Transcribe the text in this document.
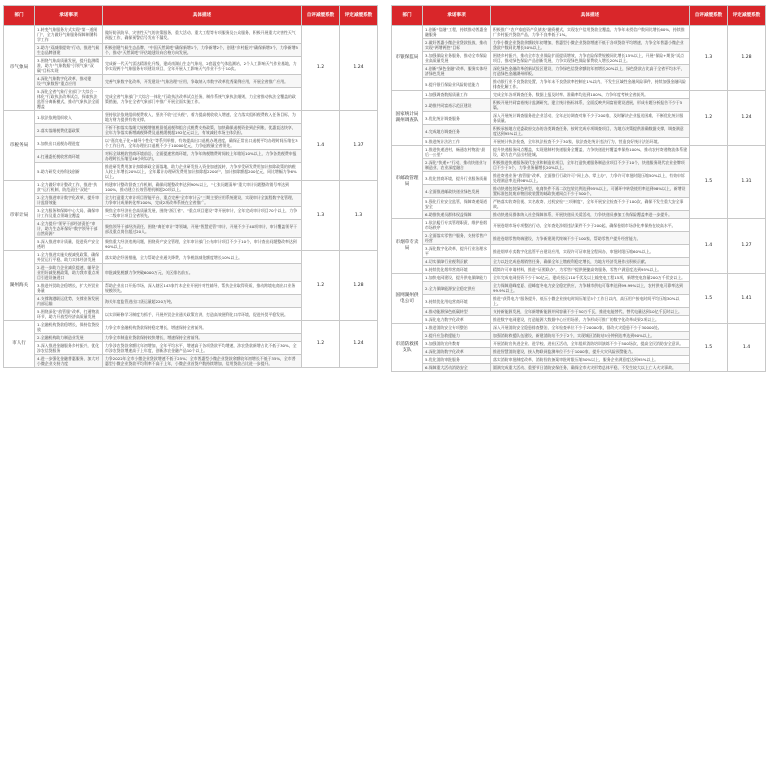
部门	承诺事项	具体描述	自评减缓系数	评定减缓系数
市气象局	1.转变气象服务方式实现“第一道闸门”，全力做好气象服务保障制暑科学工作	做好防汛防旱、灾害性天气的决策服务，重大活动、重大工程等专项服务及公众服务，积极开展重大灾害性天气预报工作，确保预警信号发布不漏发。	1.2	1.24
	2.助力“双减排提效”行动，推进气候生态品牌创建	积极创建气候生态品牌，“中国天然氧吧”确保新增1个，力争新增2个，创建“乡村振兴”确保新增3个，力争新增5个，推动“天然氧吧”评估地建设向合格方向发展。		
	3.围绕气象高质量发展，提升监测精准，助力“气象数据”引领气象”双碳”目标实现	完成新一代天气雷达精准化升级，建成南湖山生态气象站，2套温室气体监测站，2个人工影响天气作业基地，力争实现两个气象服务专项建设项目，全年开展人工影响天气作业不少于10次。		
	4.深化气象数字化改革，推动建设“气象数智”重点应用	完善气象数字化改革，开发建设“气象治理”应用，争取纳入市数字改革优秀案例应用，开展全省推广应用。		
	5.深化全省气象行业部门“大综合一体化”行政执法改革试点，探索执法监管分离新模式，推动气象执法全面覆盖	完成全省气象部门“大综合一体化”行政执法改革试点任务，制作系统气象执法细则，力全省推动执法全覆盖的政策措施，力争在全省气象部门中推广开展全面实施工作。		
市税务局	1.依法依规组织收入	坚持依法依规组织税费收入，坚决不收“过头税”，着力提高税收收入增速，全力落实组织税费收入任务目标，为地方财力提供有效支撑。	1.4	1.37
	2.落实落细税费优惠政策	不折不扣落实落细大规模增值税留抵退税和组合式税费支持政策，加快确保退税资金到企到账，优惠直达快享，全年力争落实新增减税降费及退税缓税超192亿元以上，有效减轻市场主体负担。		
	3.加快出口退税办理进度	以“嘉宾电子化+辅导个性化”等系列举措，有效提高出口退税办理进度，确保正常出口退税平均办理时间压缩在3个工作日内，全年办理出口退税不少于10000亿元，力争退税量全省领先。		
	4.打通委托税收营商环境	对标全球税收营商环境前沿，全面提速营商环境，力争年纳税缴费时间较上年缩短10%以上，力争各类税费申报办理时长压缩至48小时以内。		
	5.助力研发支持科技创新	推进研发费用加计扣除新政全面落地，助力企业研发投入资金加速流转，力争享受研发费用加计扣除政策的纳税人较上年增长20%以上，全年累计办理研发费用加计扣除超2200户，加计扣除额超200亿元，同比增幅力争6%以上。		
市审计局	1.全力做好审计整改工作，推进“扶贫”运行机制，防范责任“双轮”	构建审计整改督查工作机制，确保问题整改率达到90%以上，“七张问题清单”重大审计问题整改销号率达到100%，推动建立长效管理机制超20项以上。	1.3	1.3
	2.全力推进审计数字化改革，提升审计监督效能	全力打造重大审计项目智能平台，重点完善“全市审计云”三期主要应用系统建设，实现审计全流程数字化管理，力争审计成果转化率100%，完成2项改革系统在全省推广。		
	3.全力服务和保障中心大局，确保审计工作及重点领域全覆盖	聚焦全市经济社会高质量发展，围绕“浙江省”、“重点项目建设”等开展审计，全年完成审计项目70个以上，力争一二级审计项目全省领先。		
	4.全力提升“领导干部经济责任”审计，助力生态环保好“数字领导干部自然资源”	聚焦领导干部经济责任，围绕“离任审计”等领域，开展“智慧党管”审计，开展不少于40项审计，审计覆盖领导干部及重点岗位超过20人。		
	5.深入推进审计质量，促进资产安全透明	聚焦重大经济违规问题，围绕资产安全管理，全年审计部门公布审计项目不少于10个，审计查出问题整改率达到90%以上。		
湖州海关	1.全力推进实施关税减免政策，确保外贸运行平稳，助力实体经济发展	落实助企纾困措施，全力帮助企业通关降费，力争税款减免额度增长10%以上。	1.2	1.28
	2.进一步助力企业减负提速，辅导企业用好减免税政策，助力我市重点项目引进设备进口	审批减免税额力争突破6000万元，关区排名前五。		
	3.推进外贸助企稳增长，扩大外贸业务量	帮助企业出口开拓市场，深入辖区143家竹木企业开展针对性辅导，帮扶企业取得资质，推动跨境电商出口业务规模领先。		
	4.支撑海港联运优势，支撑业务发展内部运输	海关年度监管进出口货运量超220万吨。		
	5.围绕深化“放管服”改革，打通物流环节，助力开放型经济高质量发展	以实训研修学习制度为抓手，开展外贸企业通关政策宣讲，打造高效便利化口岸环境，促进外贸平稳发展。		
市人行	1.全融机构贷款稳增长，保持信贷投放	力争全市金融机构贷款保持稳定增长，增速保持全省前列。	1.2	1.24
	2.全融机构助力制造业发展	力争全市制造业贷款保持较快增长，增速保持全省前列。		
	3.深入推进金融服务乡村振兴，优化涉农信贷服务	力争涉农贷款余额比年初增加，全年平均水平，增速高于各项贷款平均增速，涉农贷款新增占比不低于30%，全市涉农贷款增速高于上年度，创新涉农金融产品10个以上。		
	4.进一步强化金融普惠服务，加大对小微企业支持力度	力争2022年全市小微企业贷款增速不低于25%；全市普惠型小微企业贷款余额较年初增长不低于35%，全市普惠型小微企业贷款平均利率不高于上年，小微企业首贷户数持续增加，信用贷款占比进一步提升。		
部门	承诺事项	具体描述	自评减缓系数	评定减缓系数
市银保监局	1.创新“信融”工程，持续推动普惠金融服务	积极推广“农户家庭资产负债表”融资模式，实现农户信用贷款全覆盖，力争年末授信户数同比增长60%，持续推广乡村振兴贷款产品，力争不良率低于1%。	1.3	1.28
	2.做好普惠小微企业贷款投放，推动实现“两增两控”目标	力争小微企业贷款余额较年初增加，普惠型小微企业贷款增速不低于各项贷款平均增速，力争全年普惠小微企业贷款户数同比增长50%以上。		
	3.加强保险业务服务，推动全市保险业高质量发展	围绕乡村振兴，推动全市农业保险扩面提质增效，力争农险保费规模同比增长15%以上，开展“保险+期货”试点项目，推动绿色保险产品创新发展，力争实现绿色保险保费收入增长20%以上。		
	4.创新“绿色金融”改革，服务实体经济绿色发展	深化绿色金融改革创新试验区建设，力争绿色信贷余额较年初增长20%以上，绿色贷款占比高于全省平均水平，打造绿色金融湖州样板。		
	5.提升银行保险业风险防范能力	推动银行业不良贷款处置，力争年末不良贷款率控制在1%以内，不发生区域性金融风险事件，持续加强金融风险排查化解工作。		
国家统计局湖州调查队	1.加强调查数据质量工作	完成全年各项调查任务，数据上报及时率、准确率均达到100%，力争年度考核全省前列。	1.2	1.24
	2.助推共同富裕示范区建设	积极开展共同富裕统计监测研究，建立统计指标体系，全面反映共同富裕建设进展，形成专题分析报告不少于5篇。		
	3.优化统计调查服务	深入开展统计调查服务进企业活动，全年走访调查对象不少于200家，及时解决企业报送困难，不断优化统计服务质量。		
	4.完成地方调查任务	积极承接地方党委政府交办的各类调查任务，按时完成专项调查项目，为地方决策提供准确数据支撑，调查满意度达到95%以上。		
	5.推进统计法治工作	开展统计执法检查，全年执法检查不少于30家，依法查处统计违法行为，营造良好统计法治环境。		
市邮政管理局	1.推进快递进村，畅通农村物流“最后一公里”	提升快递服务网点覆盖，实现建制村快递服务全覆盖，力争快递进村覆盖率保持100%，推动农村寄递物流体系建设，助力农产品出村进城。	1.5	1.31
	2.深化“快递+”行动，推动快递业与制造业、农业深度融合	积极推进快递服务现代农业和制造业项目，全年打造快递服务制造业项目不少于10个，快递服务现代农业金牌项目不少于3个，力争业务量增长20%以上。		
	3.优化营商环境，提升行业服务质量	推进寄递业务“放管服”改革，全面推行行政许可“网上办、掌上办”，力争许可审批时限压缩50%以上，有效申诉处理满意率达到98%以上。		
	4.全面推进邮政快递业绿色发展	推动快递包装绿色转型，电商快件不再二次包装比例达到95%以上，可循环中转袋使用率达到98%以上，新增设置标准包装废弃物回收装置的邮政快递网点不少于500个。		
	5.强化行业安全监管，保障寄递渠道安全	严格落实收寄验视、实名收寄、过机安检“三项制度”，全年开展安全检查不少于100次，确保不发生重大安全事故。		
	6.助推快递员群体权益保障	推动快递员群体纳入社会保障体系，开展快递员关爱活动，力争快递员参加工伤保险覆盖率进一步提升。		
市烟草专卖局	1.依法履行专卖管理职责，维护卷烟市场秩序	开展卷烟市场专项整治行动，全年查处涉烟违法案件不少于200起，确保卷烟市场净化率保持在较高水平。	1.4	1.27
	2.全面落实零售户服务，支持零售户经营	推进卷烟零售终端建设，力争新建现代终端不少于100家，帮助零售户提升经营能力。		
	3.深化数字化改革，提升行业治理水平	推进烟草专卖数字化监管平台建设应用，实现许可证审批全程网办，审批时限压缩60%以上。		
	4.切实保障行业税利贡献	全力以赴完成卷烟销售任务，确保全年上缴税利稳定增长，为地方经济发展作出积极贡献。		
	5.持续优化烟草营商环境	精简许可申请材料，推进“证照联办”，为零售户提供便捷高效服务，零售户满意度达到95%以上。		
国网湖州供电公司	1.加快电网建设，提升供电保障能力	全年完成电网投资不少于50亿元，建成投运110千伏及以上输变电工程15项，新增变电容量200万千伏安以上。	1.5	1.41
	2.全力保障能源安全稳定供应	全力保障迎峰度夏、迎峰度冬电力安全稳定供应，力争城市供电可靠率达到99.99%以上，农村供电可靠率达到99.9%以上。		
	3.持续优化用电营商环境	推进“获得电力”服务提升，低压小微企业接电时间压缩至5个工作日以内，高压用户接电时间平均压缩30%以上。		
	4.推动能源绿色低碳转型	支持新能源发展，全年新增新能源并网容量不少于50万千瓦，推进电能替代，替代电量达到10亿千瓦时以上。		
	5.深化电力数字化改革	推进数字电网建设，打造能源大数据中心应用场景，力争形成可推广的数字化改革成果2项以上。		
市消防救援支队	1.推进消防安全专项整治	深入开展消防安全隐患排查整治，全年检查单位不少于20000家，督改火灾隐患不少于30000处。	1.5	1.4
	2.提升应急救援能力	加强消防救援队伍建设，新建消防站不少于2个，实现城区消防站5分钟到达率达到90%以上。		
	3.加强消防宣传教育	开展消防宣传进企业、进学校、进社区活动，全年组织消防培训演练不少于500场次，提高全民消防安全意识。		
	4.深化消防数字化改革	推进智慧消防建设，接入物联网监测单位不少于1000家，提升火灾风险预警能力。		
	5.优化消防审批服务	落实消防审批制度改革，消防验收备案审批时限压缩50%以上，服务企业满意度达到95%以上。		
	6.保障重大活动消防安全	圆满完成重大活动、重要节日消防安保任务，确保全市火灾形势总体平稳，不发生较大以上亡人火灾事故。		
